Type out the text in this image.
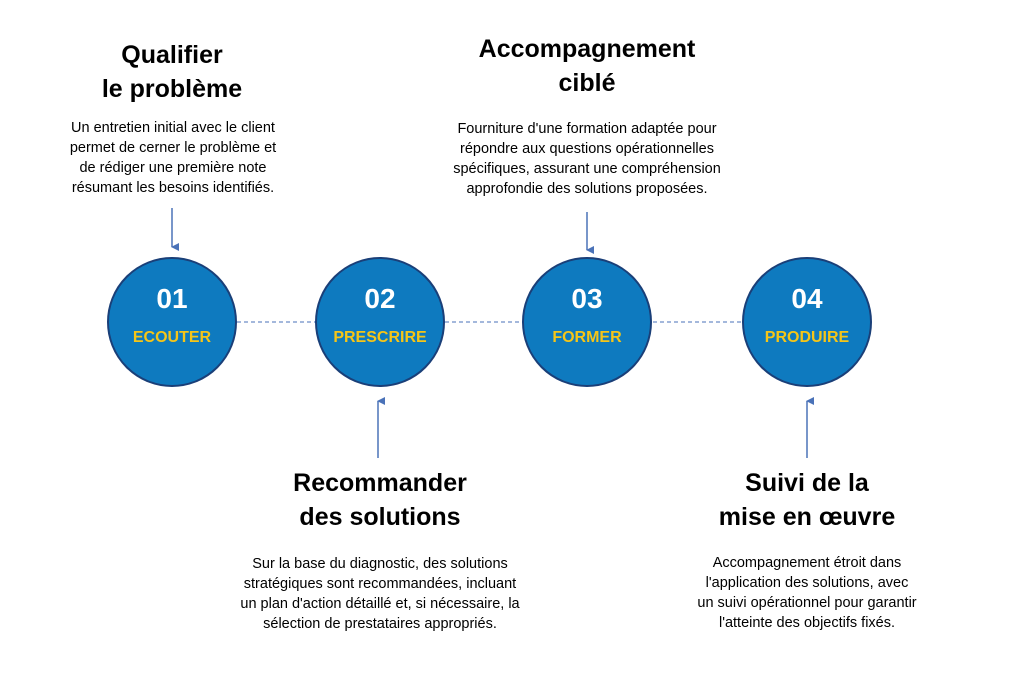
Qualifier
le problème
Un entretien initial avec le client
permet de cerner le problème et
de rédiger une première note
résumant les besoins identifiés.
01
ECOUTER
02
PRESCRIRE
Recommander
des solutions
Sur la base du diagnostic, des solutions
stratégiques sont recommandées, incluant
un plan d'action détaillé et, si nécessaire, la
sélection de prestataires appropriés.
Accompagnement
ciblé
Fourniture d'une formation adaptée pour
répondre aux questions opérationnelles
spécifiques, assurant une compréhension
approfondie des solutions proposées.
03
FORMER
04
PRODUIRE
Suivi de la
mise en œuvre
Accompagnement étroit dans
l'application des solutions, avec
un suivi opérationnel pour garantir
l'atteinte des objectifs fixés.
